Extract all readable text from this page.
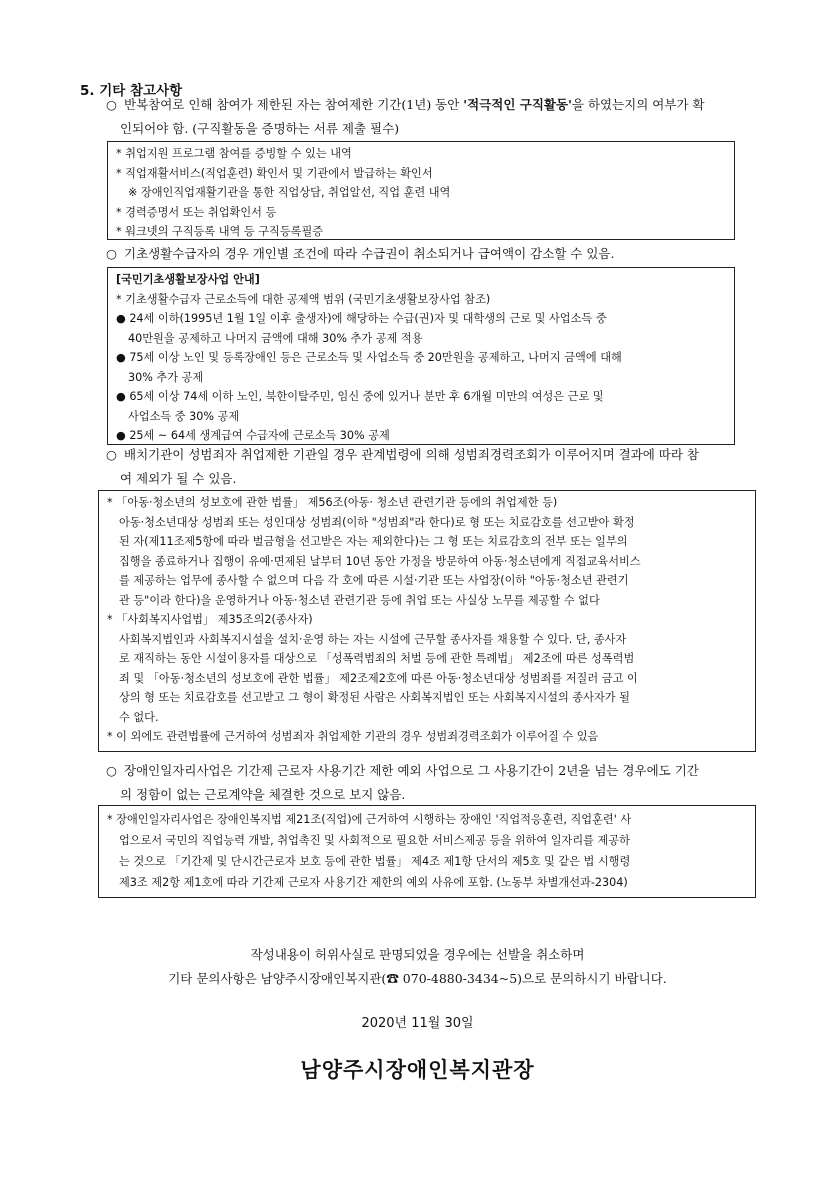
5. 기타 참고사항
○ 반복참여로 인해 참여가 제한된 자는 참여제한 기간(1년) 동안 '적극적인 구직활동'을 하였는지의 여부가 확
인되어야 함. (구직활동을 증명하는 서류 제출 필수)
* 취업지원 프로그램 참여를 증빙할 수 있는 내역
* 직업재활서비스(직업훈련) 확인서 및 기관에서 발급하는 확인서
※ 장애인직업재활기관을 통한 직업상담, 취업알선, 직업 훈련 내역
* 경력증명서 또는 취업확인서 등
* 워크넷의 구직등록 내역 등 구직등록필증
○ 기초생활수급자의 경우 개인별 조건에 따라 수급권이 취소되거나 급여액이 감소할 수 있음.
[국민기초생활보장사업 안내]
* 기초생활수급자 근로소득에 대한 공제액 범위 (국민기초생활보장사업 참조)
● 24세 이하(1995년 1월 1일 이후 출생자)에 해당하는 수급(권)자 및 대학생의 근로 및 사업소득 중
40만원을 공제하고 나머지 금액에 대해 30% 추가 공제 적용
● 75세 이상 노인 및 등록장애인 등은 근로소득 및 사업소득 중 20만원을 공제하고, 나머지 금액에 대해
30% 추가 공제
● 65세 이상 74세 이하 노인, 북한이탈주민, 임신 중에 있거나 분만 후 6개월 미만의 여성은 근로 및
사업소득 중 30% 공제
● 25세 ~ 64세 생계급여 수급자에 근로소득 30% 공제
○ 배치기관이 성범죄자 취업제한 기관일 경우 관계법령에 의해 성범죄경력조회가 이루어지며 결과에 따라 참
여 제외가 될 수 있음.
* 「아동·청소년의 성보호에 관한 법률」 제56조(아동· 청소년 관련기관 등에의 취업제한 등)
아동·청소년대상 성범죄 또는 성인대상 성범죄(이하 "성범죄"라 한다)로 형 또는 치료감호를 선고받아 확정
된 자(제11조제5항에 따라 벌금형을 선고받은 자는 제외한다)는 그 형 또는 치료감호의 전부 또는 일부의
집행을 종료하거나 집행이 유예·면제된 날부터 10년 동안 가정을 방문하여 아동·청소년에게 직접교육서비스
를 제공하는 업무에 종사할 수 없으며 다음 각 호에 따른 시설·기관 또는 사업장(이하 "아동·청소년 관련기
관 등"이라 한다)을 운영하거나 아동·청소년 관련기관 등에 취업 또는 사실상 노무를 제공할 수 없다
* 「사회복지사업법」 제35조의2(종사자)
사회복지법인과 사회복지시설을 설치·운영 하는 자는 시설에 근무할 종사자를 채용할 수 있다. 단, 종사자
로 재직하는 동안 시설이용자를 대상으로 「성폭력범죄의 처벌 등에 관한 특례법」 제2조에 따른 성폭력범
죄 및 「아동·청소년의 성보호에 관한 법률」 제2조제2호에 따른 아동·청소년대상 성범죄를 저질러 금고 이
상의 형 또는 치료감호를 선고받고 그 형이 확정된 사람은 사회복지법인 또는 사회복지시설의 종사자가 될
수 없다.
* 이 외에도 관련법률에 근거하여 성범죄자 취업제한 기관의 경우 성범죄경력조회가 이루어질 수 있음
○ 장애인일자리사업은 기간제 근로자 사용기간 제한 예외 사업으로 그 사용기간이 2년을 넘는 경우에도 기간
의 정함이 없는 근로계약을 체결한 것으로 보지 않음.
* 장애인일자리사업은 장애인복지법 제21조(직업)에 근거하여 시행하는 장애인 '직업적응훈련, 직업훈련' 사
업으로서 국민의 직업능력 개발, 취업촉진 및 사회적으로 필요한 서비스제공 등을 위하여 일자리를 제공하
는 것으로 「기간제 및 단시간근로자 보호 등에 관한 법률」 제4조 제1항 단서의 제5호 및 같은 법 시행령
제3조 제2항 제1호에 따라 기간제 근로자 사용기간 제한의 예외 사유에 포함. (노동부 차별개선과-2304)
작성내용이 허위사실로 판명되었을 경우에는 선발을 취소하며
기타 문의사항은 남양주시장애인복지관(☎ 070-4880-3434~5)으로 문의하시기 바랍니다.
2020년 11월 30일
남양주시장애인복지관장
